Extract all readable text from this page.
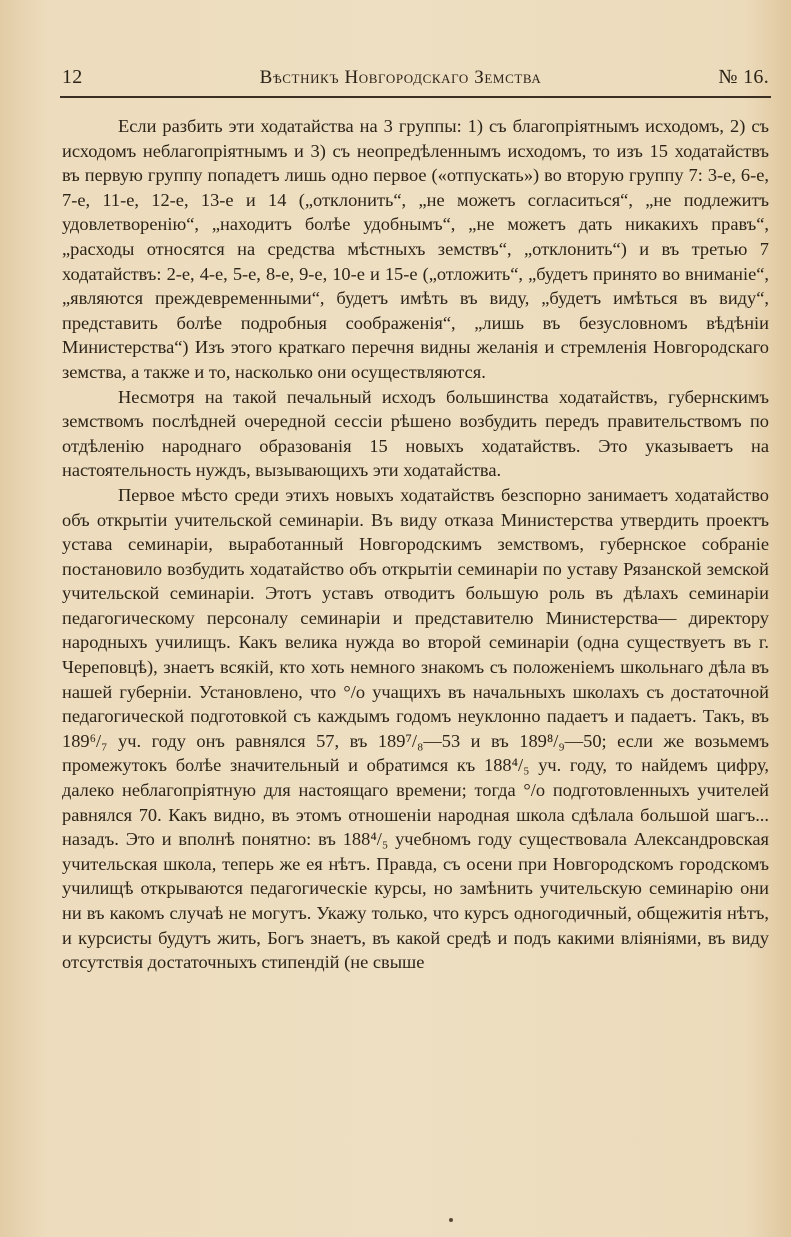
12	Вѣстникъ Новгородскаго Земства	№ 16.

Если разбить эти ходатайства на 3 группы: 1) съ благопріятнымъ исходомъ, 2) съ исходомъ неблагопріятнымъ и 3) съ неопредѣленнымъ исходомъ, то изъ 15 ходатайствъ въ первую группу попадетъ лишь одно первое («отпускать») во вторую группу 7: 3-е, 6-е, 7-е, 11-е, 12-е, 13-е и 14 („отклонить“, „не можетъ согласиться“, „не подлежитъ удовлетворенію“, „находитъ болѣе удобнымъ“, „не можетъ дать никакихъ правъ“, „расходы относятся на средства мѣстныхъ земствъ“, „отклонить“) и въ третью 7 ходатайствъ: 2-е, 4-е, 5-е, 8-е, 9-е, 10-е и 15-е („отложить“, „будетъ принято во вниманіе“, „являются преждевременными“, будетъ имѣть въ виду, „будетъ имѣться въ виду“, представить болѣе подробныя соображенія“, „лишь въ безусловномъ вѣдѣніи Министерства“) Изъ этого краткаго перечня видны желанія и стремленія Новгородскаго земства, а также и то, насколько они осуществляются.

Несмотря на такой печальный исходъ большинства ходатайствъ, губернскимъ земствомъ послѣдней очередной сессіи рѣшено возбудить передъ правительствомъ по отдѣленію народнаго образованія 15 новыхъ ходатайствъ. Это указываетъ на настоятельность нуждъ, вызывающихъ эти ходатайства.

Первое мѣсто среди этихъ новыхъ ходатайствъ безспорно занимаетъ ходатайство объ открытіи учительской семинаріи. Въ виду отказа Министерства утвердить проектъ устава семинаріи, выработанный Новгородскимъ земствомъ, губернское собраніе постановило возбудить ходатайство объ открытіи семинаріи по уставу Рязанской земской учительской семинаріи. Этотъ уставъ отводитъ большую роль въ дѣлахъ семинаріи педагогическому персоналу семинаріи и представителю Министерства— директору народныхъ училищъ. Какъ велика нужда во второй семинаріи (одна существуетъ въ г. Череповцѣ), знаетъ всякій, кто хоть немного знакомъ съ положеніемъ школьнаго дѣла въ нашей губерніи. Установлено, что °/о учащихъ въ начальныхъ школахъ съ достаточной педагогической подготовкой съ каждымъ годомъ неуклонно падаетъ и падаетъ. Такъ, въ 189⁶/₇ уч. году онъ равнялся 57, въ 189⁷/₈—53 и въ 189⁸/₉—50; если же возьмемъ промежутокъ болѣе значительный и обратимся къ 188⁴/₅ уч. году, то найдемъ цифру, далеко неблагопріятную для настоящаго времени; тогда °/о подготовленныхъ учителей равнялся 70. Какъ видно, въ этомъ отношеніи народная школа сдѣлала большой шагъ... назадъ. Это и вполнѣ понятно: въ 188⁴/₅ учебномъ году существовала Александровская учительская школа, теперь же ея нѣтъ. Правда, съ осени при Новгородскомъ городскомъ училищѣ открываются педагогическіе курсы, но замѣнить учительскую семинарію они ни въ какомъ случаѣ не могутъ. Укажу только, что курсъ одногодичный, общежитія нѣтъ, и курсисты будутъ жить, Богъ знаетъ, въ какой средѣ и подъ какими вліяніями, въ виду отсутствія достаточныхъ стипендій (не свыше
